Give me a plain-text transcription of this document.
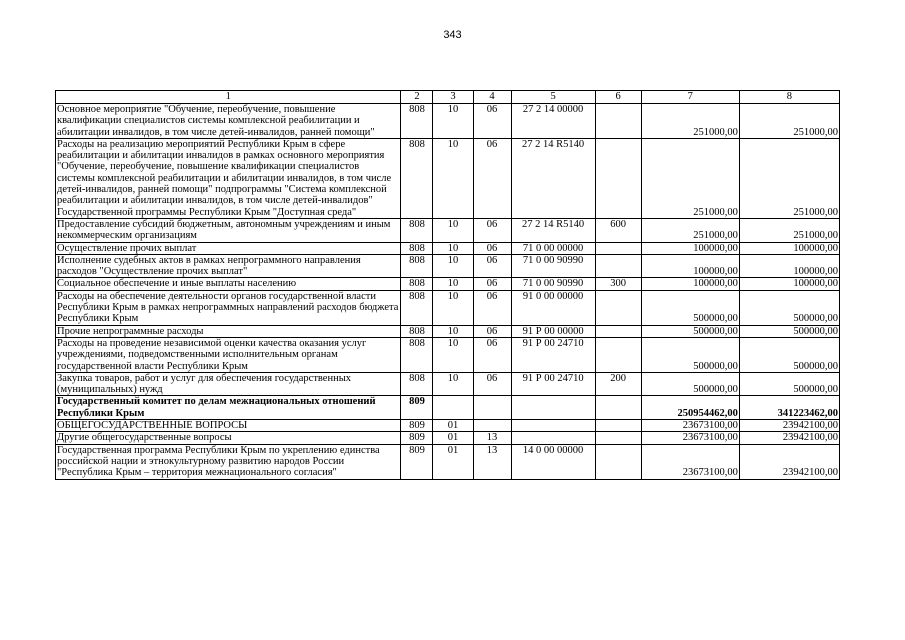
343
1	2	3	4	5	6	7	8
Основное мероприятие "Обучение, переобучение, повышение квалификации специалистов системы комплексной реабилитации и абилитации инвалидов, в том числе детей-инвалидов, ранней помощи"	808	10	06	27 2 14 00000		251000,00	251000,00
Расходы на реализацию мероприятий Республики Крым в сфере реабилитации и абилитации инвалидов в рамках основного мероприятия "Обучение, переобучение, повышение квалификации специалистов системы комплексной реабилитации и абилитации инвалидов, в том числе детей-инвалидов, ранней помощи" подпрограммы "Система комплексной реабилитации и абилитации инвалидов, в том числе детей-инвалидов" Государственной программы Республики Крым "Доступная среда"	808	10	06	27 2 14 R5140		251000,00	251000,00
Предоставление субсидий бюджетным, автономным учреждениям и иным некоммерческим организациям	808	10	06	27 2 14 R5140	600	251000,00	251000,00
Осуществление прочих выплат	808	10	06	71 0 00 00000		100000,00	100000,00
Исполнение судебных актов в рамках непрограммного направления расходов "Осуществление прочих выплат"	808	10	06	71 0 00 90990		100000,00	100000,00
Социальное обеспечение и иные выплаты населению	808	10	06	71 0 00 90990	300	100000,00	100000,00
Расходы на обеспечение деятельности органов государственной власти Республики Крым в рамках непрограммных направлений расходов бюджета Республики Крым	808	10	06	91 0 00 00000		500000,00	500000,00
Прочие непрограммные расходы	808	10	06	91 Р 00 00000		500000,00	500000,00
Расходы на проведение независимой оценки качества оказания услуг учреждениями, подведомственными исполнительным органам государственной власти Республики Крым	808	10	06	91 Р 00 24710		500000,00	500000,00
Закупка товаров, работ и услуг для обеспечения государственных (муниципальных) нужд	808	10	06	91 Р 00 24710	200	500000,00	500000,00
Государственный комитет по делам межнациональных отношений Республики Крым	809					250954462,00	341223462,00
ОБЩЕГОСУДАРСТВЕННЫЕ ВОПРОСЫ	809	01				23673100,00	23942100,00
Другие общегосударственные вопросы	809	01	13			23673100,00	23942100,00
Государственная программа Республики Крым по укреплению единства российской нации и этнокультурному развитию народов России "Республика Крым – территория межнационального согласия"	809	01	13	14 0 00 00000		23673100,00	23942100,00
